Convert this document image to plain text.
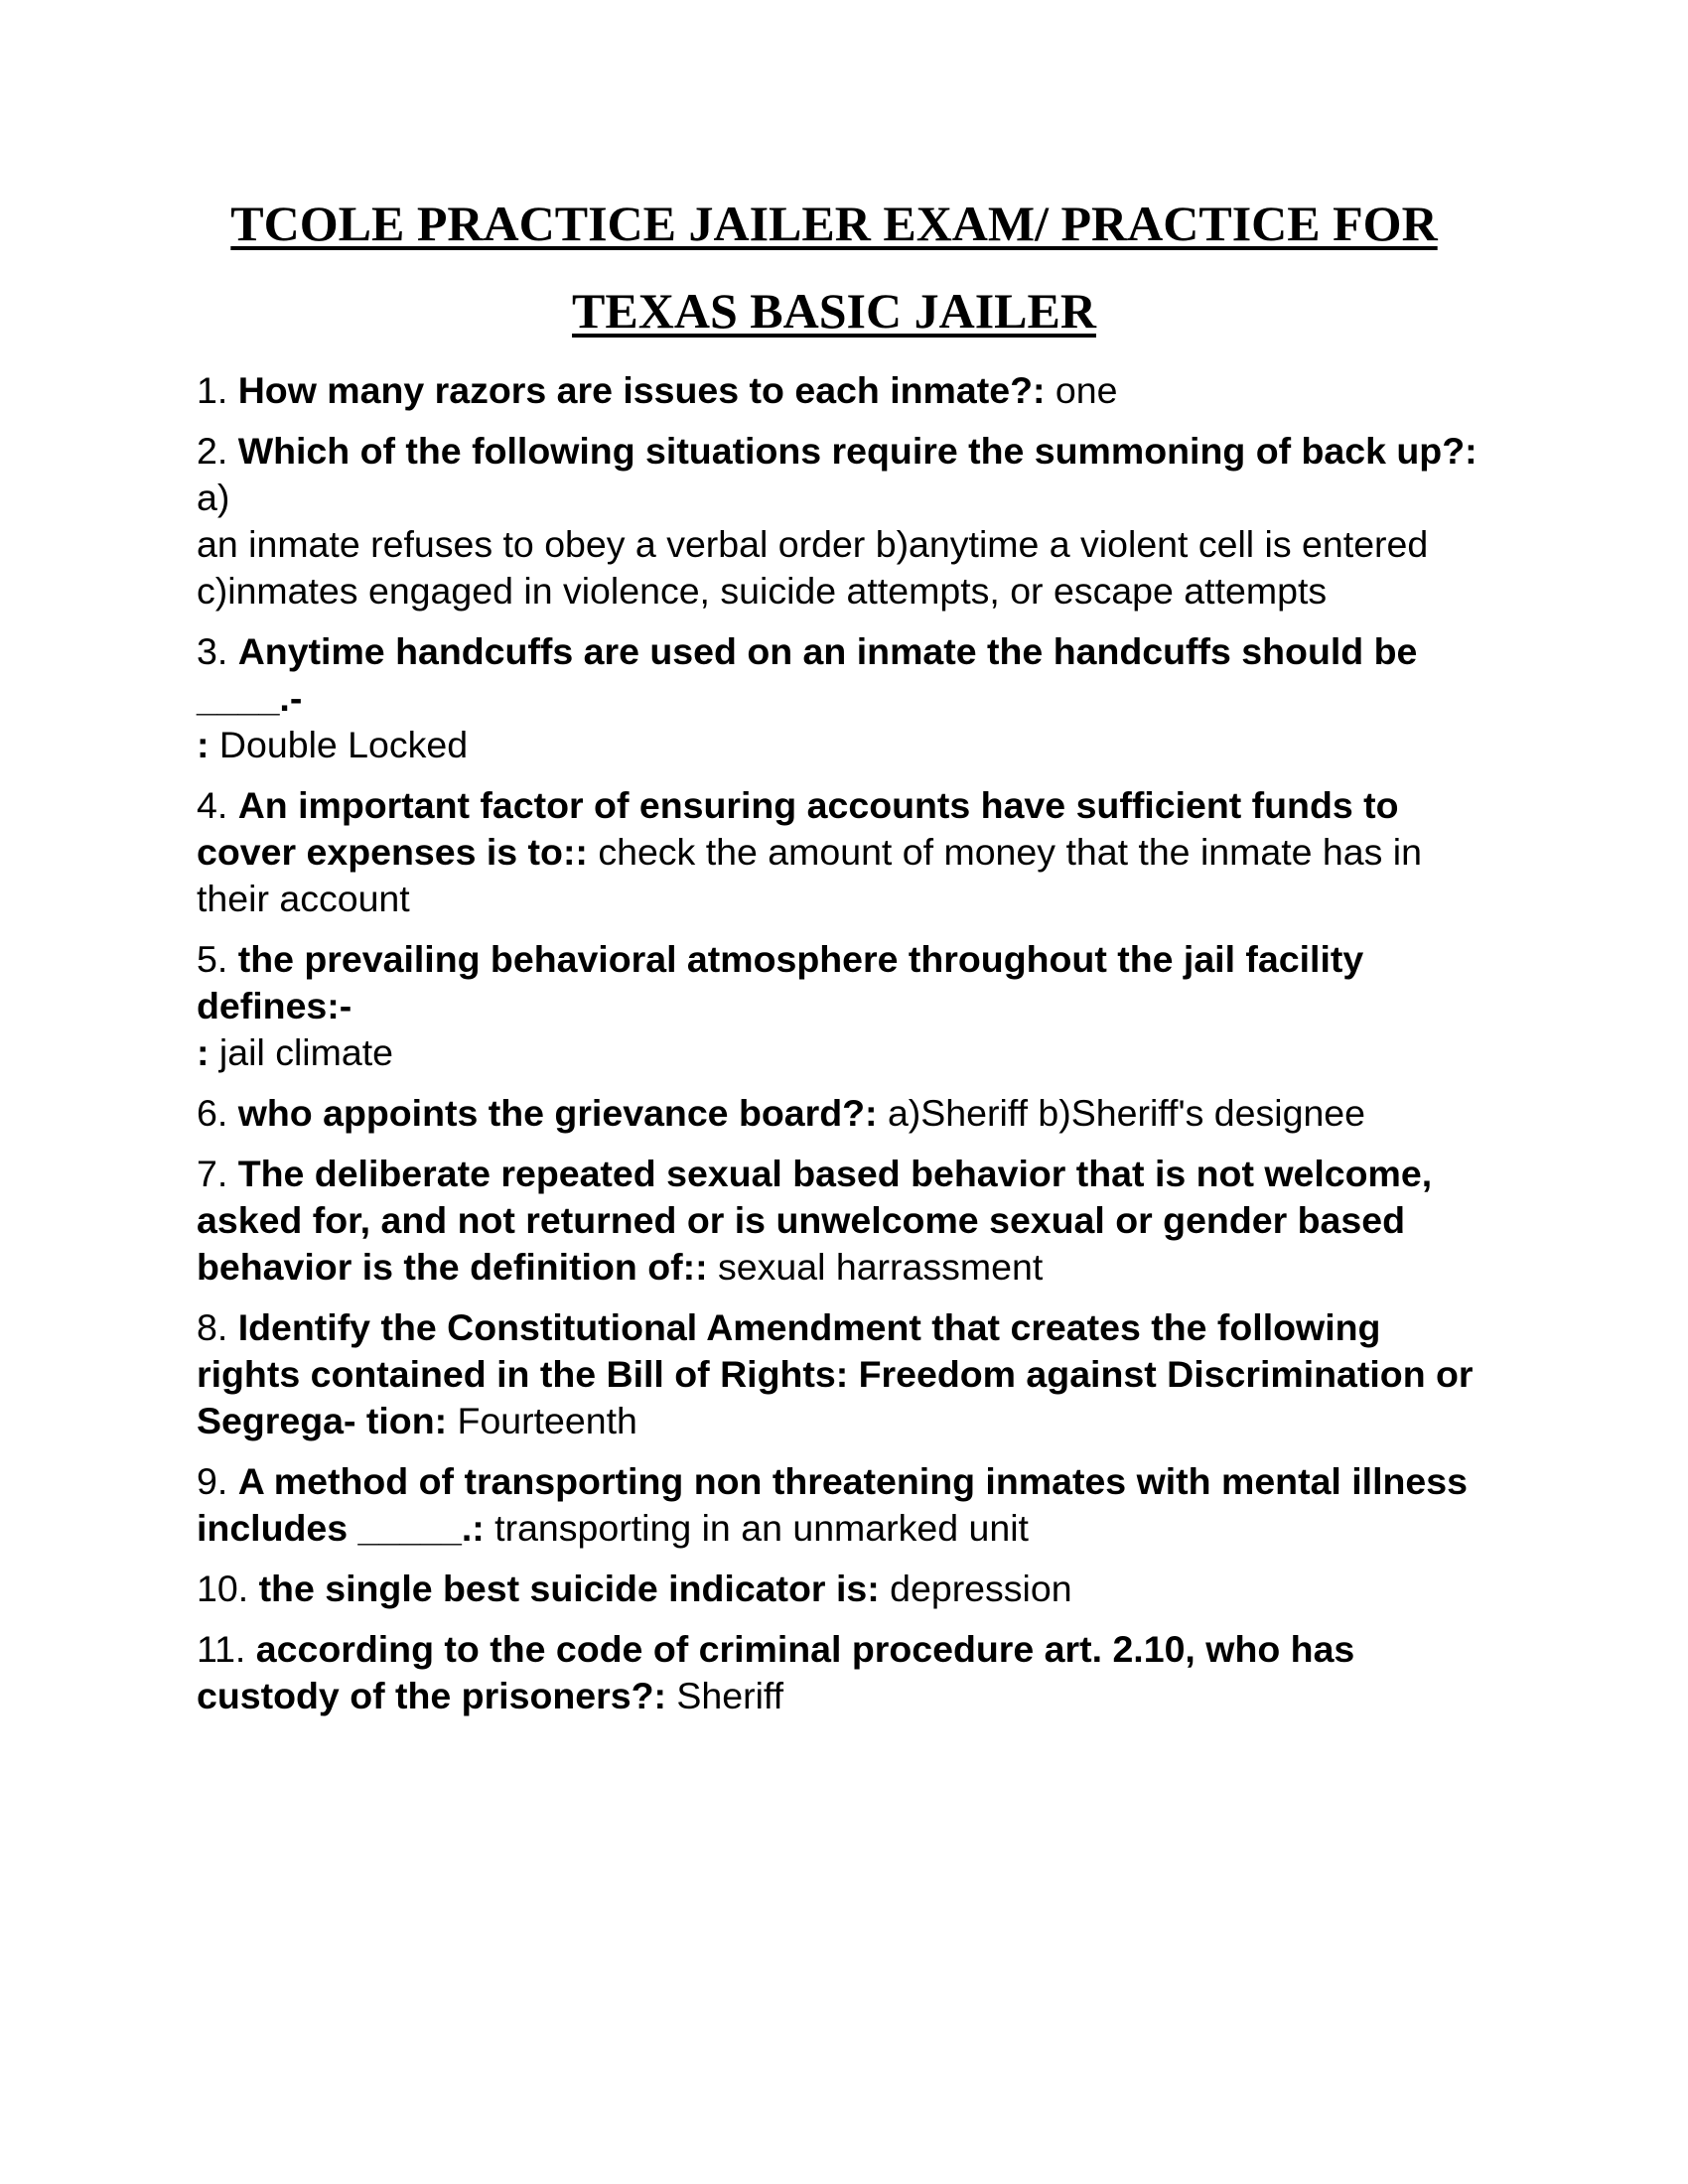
TCOLE PRACTICE JAILER EXAM/ PRACTICE FOR
TEXAS BASIC JAILER

1. How many razors are issues to each inmate?: one

2. Which of the following situations require the summoning of back up?: a)
an inmate refuses to obey a verbal order b)anytime a violent cell is entered
c)inmates engaged in violence, suicide attempts, or escape attempts

3. Anytime handcuffs are used on an inmate the handcuffs should be ____.-
: Double Locked

4. An important factor of ensuring accounts have sufficient funds to cover expenses is to:: check the amount of money that the inmate has in their account

5. the prevailing behavioral atmosphere throughout the jail facility defines:-
: jail climate

6. who appoints the grievance board?: a)Sheriff b)Sheriff's designee

7. The deliberate repeated sexual based behavior that is not welcome, asked for, and not returned or is unwelcome sexual or gender based behavior is the definition of:: sexual harrassment

8. Identify the Constitutional Amendment that creates the following rights contained in the Bill of Rights: Freedom against Discrimination or Segrega- tion: Fourteenth

9. A method of transporting non threatening inmates with mental illness includes _____.: transporting in an unmarked unit

10. the single best suicide indicator is: depression

11. according to the code of criminal procedure art. 2.10, who has custody of the prisoners?: Sheriff
